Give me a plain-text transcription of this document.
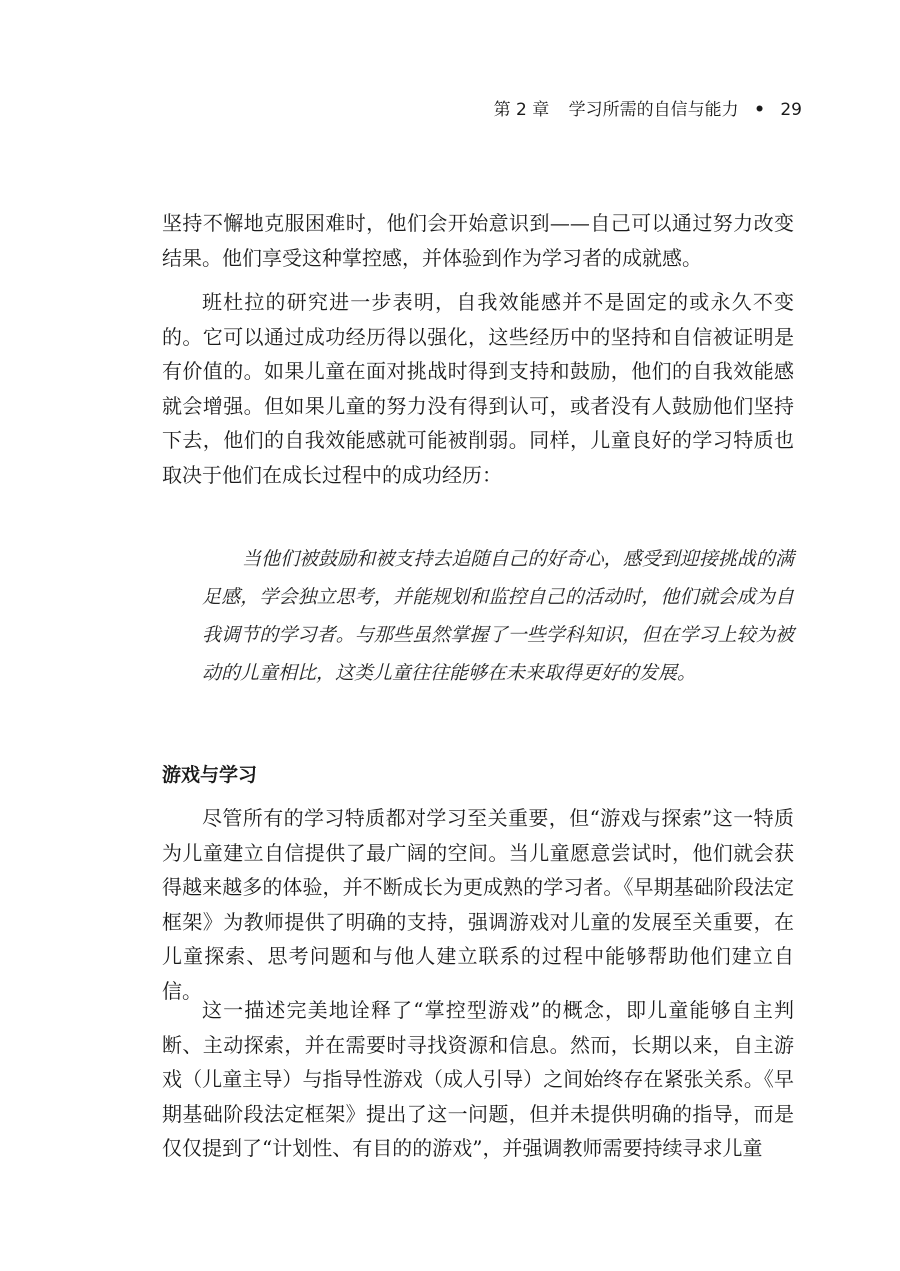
第 2 章 学习所需的自信与能力 • 29

坚持不懈地克服困难时，他们会开始意识到——自己可以通过努力改变结果。他们享受这种掌控感，并体验到作为学习者的成就感。

班杜拉的研究进一步表明，自我效能感并不是固定的或永久不变的。它可以通过成功经历得以强化，这些经历中的坚持和自信被证明是有价值的。如果儿童在面对挑战时得到支持和鼓励，他们的自我效能感就会增强。但如果儿童的努力没有得到认可，或者没有人鼓励他们坚持下去，他们的自我效能感就可能被削弱。同样，儿童良好的学习特质也取决于他们在成长过程中的成功经历：

当他们被鼓励和被支持去追随自己的好奇心，感受到迎接挑战的满足感，学会独立思考，并能规划和监控自己的活动时，他们就会成为自我调节的学习者。与那些虽然掌握了一些学科知识，但在学习上较为被动的儿童相比，这类儿童往往能够在未来取得更好的发展。

游戏与学习

尽管所有的学习特质都对学习至关重要，但“游戏与探索”这一特质为儿童建立自信提供了最广阔的空间。当儿童愿意尝试时，他们就会获得越来越多的体验，并不断成长为更成熟的学习者。《早期基础阶段法定框架》为教师提供了明确的支持，强调游戏对儿童的发展至关重要，在儿童探索、思考问题和与他人建立联系的过程中能够帮助他们建立自信。

这一描述完美地诠释了“掌控型游戏”的概念，即儿童能够自主判断、主动探索，并在需要时寻找资源和信息。然而，长期以来，自主游戏（儿童主导）与指导性游戏（成人引导）之间始终存在紧张关系。《早期基础阶段法定框架》提出了这一问题，但并未提供明确的指导，而是仅仅提到了“计划性、有目的的游戏”，并强调教师需要持续寻求儿童
